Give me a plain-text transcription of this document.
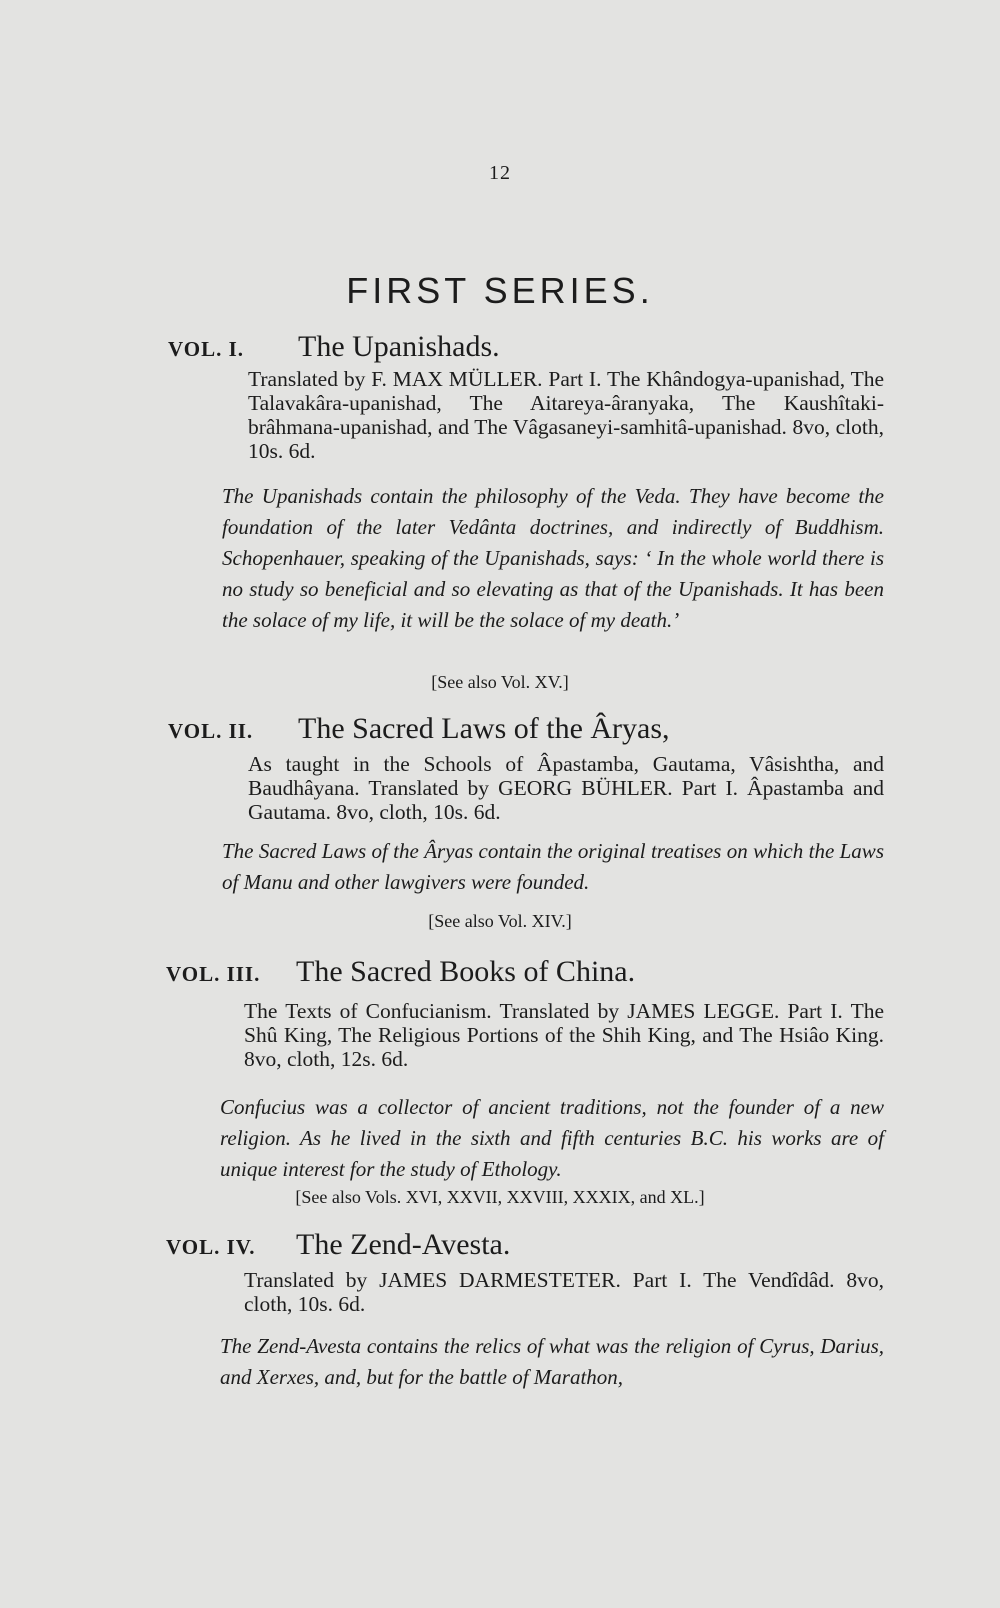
12
FIRST SERIES.
VOL. I. The Upanishads.
Translated by F. MAX MÜLLER. Part I. The Khândogya-upanishad, The Talavakâra-upanishad, The Aitareya-âranyaka, The Kaushîtaki-brâhmana-upanishad, and The Vâgasaneyi-samhitâ-upanishad. 8vo, cloth, 10s. 6d.
The Upanishads contain the philosophy of the Veda. They have become the foundation of the later Vedânta doctrines, and indirectly of Buddhism. Schopenhauer, speaking of the Upanishads, says: ‘ In the whole world there is no study so beneficial and so elevating as that of the Upanishads. It has been the solace of my life, it will be the solace of my death.’
[See also Vol. XV.]
VOL. II. The Sacred Laws of the Âryas,
As taught in the Schools of Âpastamba, Gautama, Vâsishtha, and Baudhâyana. Translated by GEORG BÜHLER. Part I. Âpastamba and Gautama. 8vo, cloth, 10s. 6d.
The Sacred Laws of the Âryas contain the original treatises on which the Laws of Manu and other lawgivers were founded.
[See also Vol. XIV.]
VOL. III. The Sacred Books of China.
The Texts of Confucianism. Translated by JAMES LEGGE. Part I. The Shû King, The Religious Portions of the Shih King, and The Hsiâo King. 8vo, cloth, 12s. 6d.
Confucius was a collector of ancient traditions, not the founder of a new religion. As he lived in the sixth and fifth centuries B.C. his works are of unique interest for the study of Ethology.
[See also Vols. XVI, XXVII, XXVIII, XXXIX, and XL.]
VOL. IV. The Zend-Avesta.
Translated by JAMES DARMESTETER. Part I. The Vendîdâd. 8vo, cloth, 10s. 6d.
The Zend-Avesta contains the relics of what was the religion of Cyrus, Darius, and Xerxes, and, but for the battle of Marathon,
